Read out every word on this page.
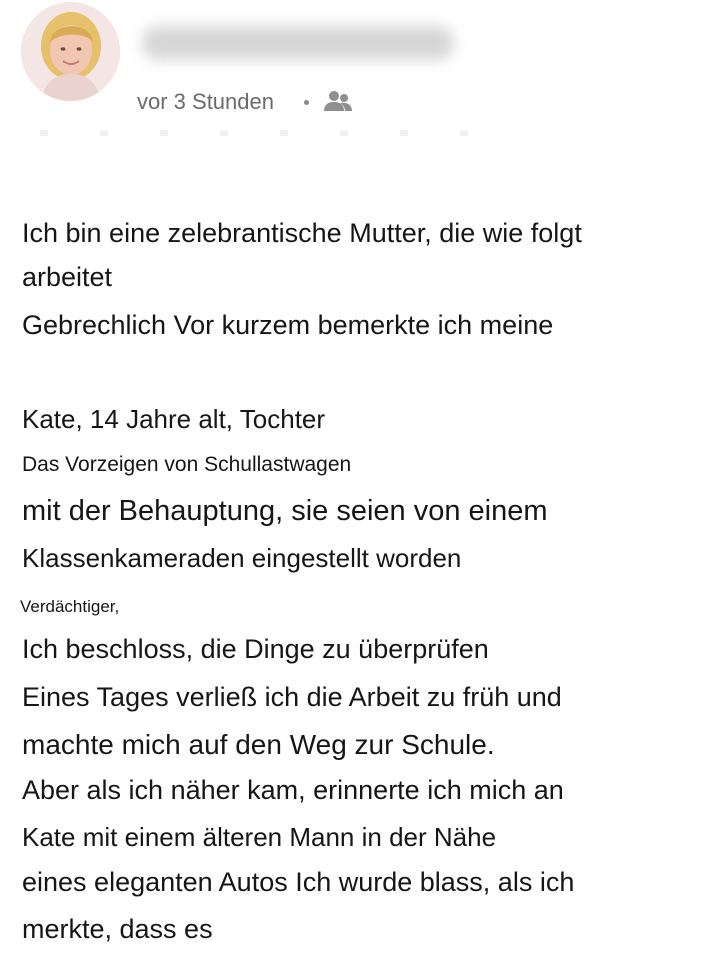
vor 3 Stunden
Ich bin eine zelebrantische Mutter, die wie folgt
arbeitet
Gebrechlich Vor kurzem bemerkte ich meine
Kate, 14 Jahre alt, Tochter
Das Vorzeigen von Schullastwagen
mit der Behauptung, sie seien von einem
Klassenkameraden eingestellt worden
Verdächtiger,
Ich beschloss, die Dinge zu überprüfen
Eines Tages verließ ich die Arbeit zu früh und
machte mich auf den Weg zur Schule.
Aber als ich näher kam, erinnerte ich mich an
Kate mit einem älteren Mann in der Nähe
eines eleganten Autos Ich wurde blass, als ich
merkte, dass es
